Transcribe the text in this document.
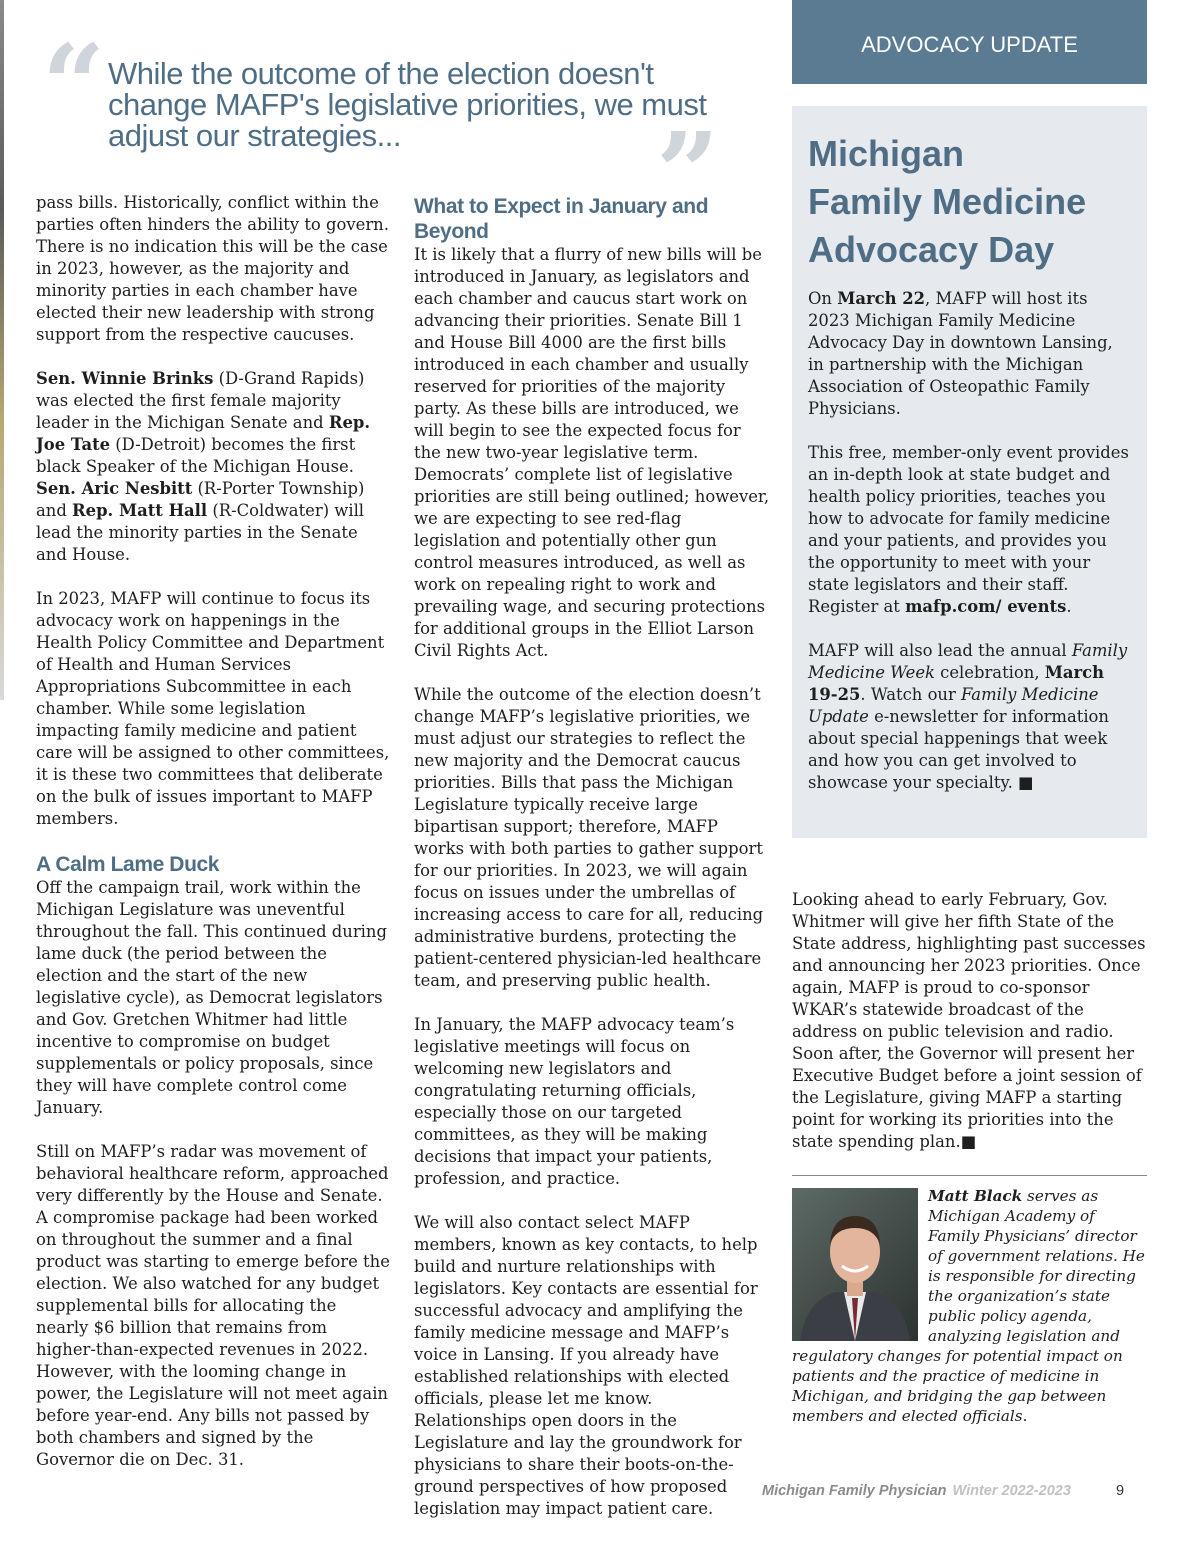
“ While the outcome of the election doesn't change MAFP's legislative priorities, we must adjust our strategies...	”

pass bills. Historically, conflict within the parties often hinders the ability to govern. There is no indication this will be the case in 2023, however, as the majority and minority parties in each chamber have elected their new leadership with strong support from the respective caucuses.

Sen. Winnie Brinks (D-Grand Rapids) was elected the first female majority leader in the Michigan Senate and Rep. Joe Tate (D-Detroit) becomes the first black Speaker of the Michigan House. Sen. Aric Nesbitt (R-Porter Township) and Rep. Matt Hall (R-Coldwater) will lead the minority parties in the Senate and House.

In 2023, MAFP will continue to focus its advocacy work on happenings in the Health Policy Committee and Department of Health and Human Services Appropriations Subcommittee in each chamber. While some legislation impacting family medicine and patient care will be assigned to other committees, it is these two committees that deliberate on the bulk of issues important to MAFP members.

A Calm Lame Duck

Off the campaign trail, work within the Michigan Legislature was uneventful throughout the fall. This continued during lame duck (the period between the election and the start of the new legislative cycle), as Democrat legislators and Gov. Gretchen Whitmer had little incentive to compromise on budget supplementals or policy proposals, since they will have complete control come January.

Still on MAFP’s radar was movement of behavioral healthcare reform, approached very differently by the House and Senate. A compromise package had been worked on throughout the summer and a final product was starting to emerge before the election. We also watched for any budget supplemental bills for allocating the nearly $6 billion that remains from higher-than-expected revenues in 2022. However, with the looming change in power, the Legislature will not meet again before year-end. Any bills not passed by both chambers and signed by the Governor die on Dec. 31.

What to Expect in January and Beyond

It is likely that a flurry of new bills will be introduced in January, as legislators and each chamber and caucus start work on advancing their priorities. Senate Bill 1 and House Bill 4000 are the first bills introduced in each chamber and usually reserved for priorities of the majority party. As these bills are introduced, we will begin to see the expected focus for the new two-year legislative term. Democrats’ complete list of legislative priorities are still being outlined; however, we are expecting to see red-flag legislation and potentially other gun control measures introduced, as well as work on repealing right to work and prevailing wage, and securing protections for additional groups in the Elliot Larson Civil Rights Act.

While the outcome of the election doesn’t change MAFP’s legislative priorities, we must adjust our strategies to reflect the new majority and the Democrat caucus priorities. Bills that pass the Michigan Legislature typically receive large bipartisan support; therefore, MAFP works with both parties to gather support for our priorities. In 2023, we will again focus on issues under the umbrellas of increasing access to care for all, reducing administrative burdens, protecting the patient-centered physician-led healthcare team, and preserving public health.

In January, the MAFP advocacy team’s legislative meetings will focus on welcoming new legislators and congratulating returning officials, especially those on our targeted committees, as they will be making decisions that impact your patients, profession, and practice.

We will also contact select MAFP members, known as key contacts, to help build and nurture relationships with legislators. Key contacts are essential for successful advocacy and amplifying the family medicine message and MAFP’s voice in Lansing. If you already have established relationships with elected officials, please let me know. Relationships open doors in the Legislature and lay the groundwork for physicians to share their boots-on-the-ground perspectives of how proposed legislation may impact patient care.

ADVOCACY UPDATE
Michigan
Family Medicine
Advocacy Day

On March 22, MAFP will host its 2023 Michigan Family Medicine Advocacy Day in downtown Lansing, in partnership with the Michigan Association of Osteopathic Family Physicians.

This free, member-only event provides an in-depth look at state budget and health policy priorities, teaches you how to advocate for family medicine and your patients, and provides you the opportunity to meet with your state legislators and their staff. Register at mafp.com/ events.

MAFP will also lead the annual Family Medicine Week celebration, March 19-25. Watch our Family Medicine Update e-newsletter for information about special happenings that week and how you can get involved to showcase your specialty. ■

Looking ahead to early February, Gov. Whitmer will give her fifth State of the State address, highlighting past successes and announcing her 2023 priorities. Once again, MAFP is proud to co-sponsor WKAR’s statewide broadcast of the address on public television and radio. Soon after, the Governor will present her Executive Budget before a joint session of the Legislature, giving MAFP a starting point for working its priorities into the state spending plan.■

Matt Black serves as Michigan Academy of Family Physicians’ director of government relations. He is responsible for directing the organization’s state public policy agenda, analyzing legislation and regulatory changes for potential impact on patients and the practice of medicine in Michigan, and bridging the gap between members and elected officials.
Michigan Family Physician Winter 2022-2023	9
